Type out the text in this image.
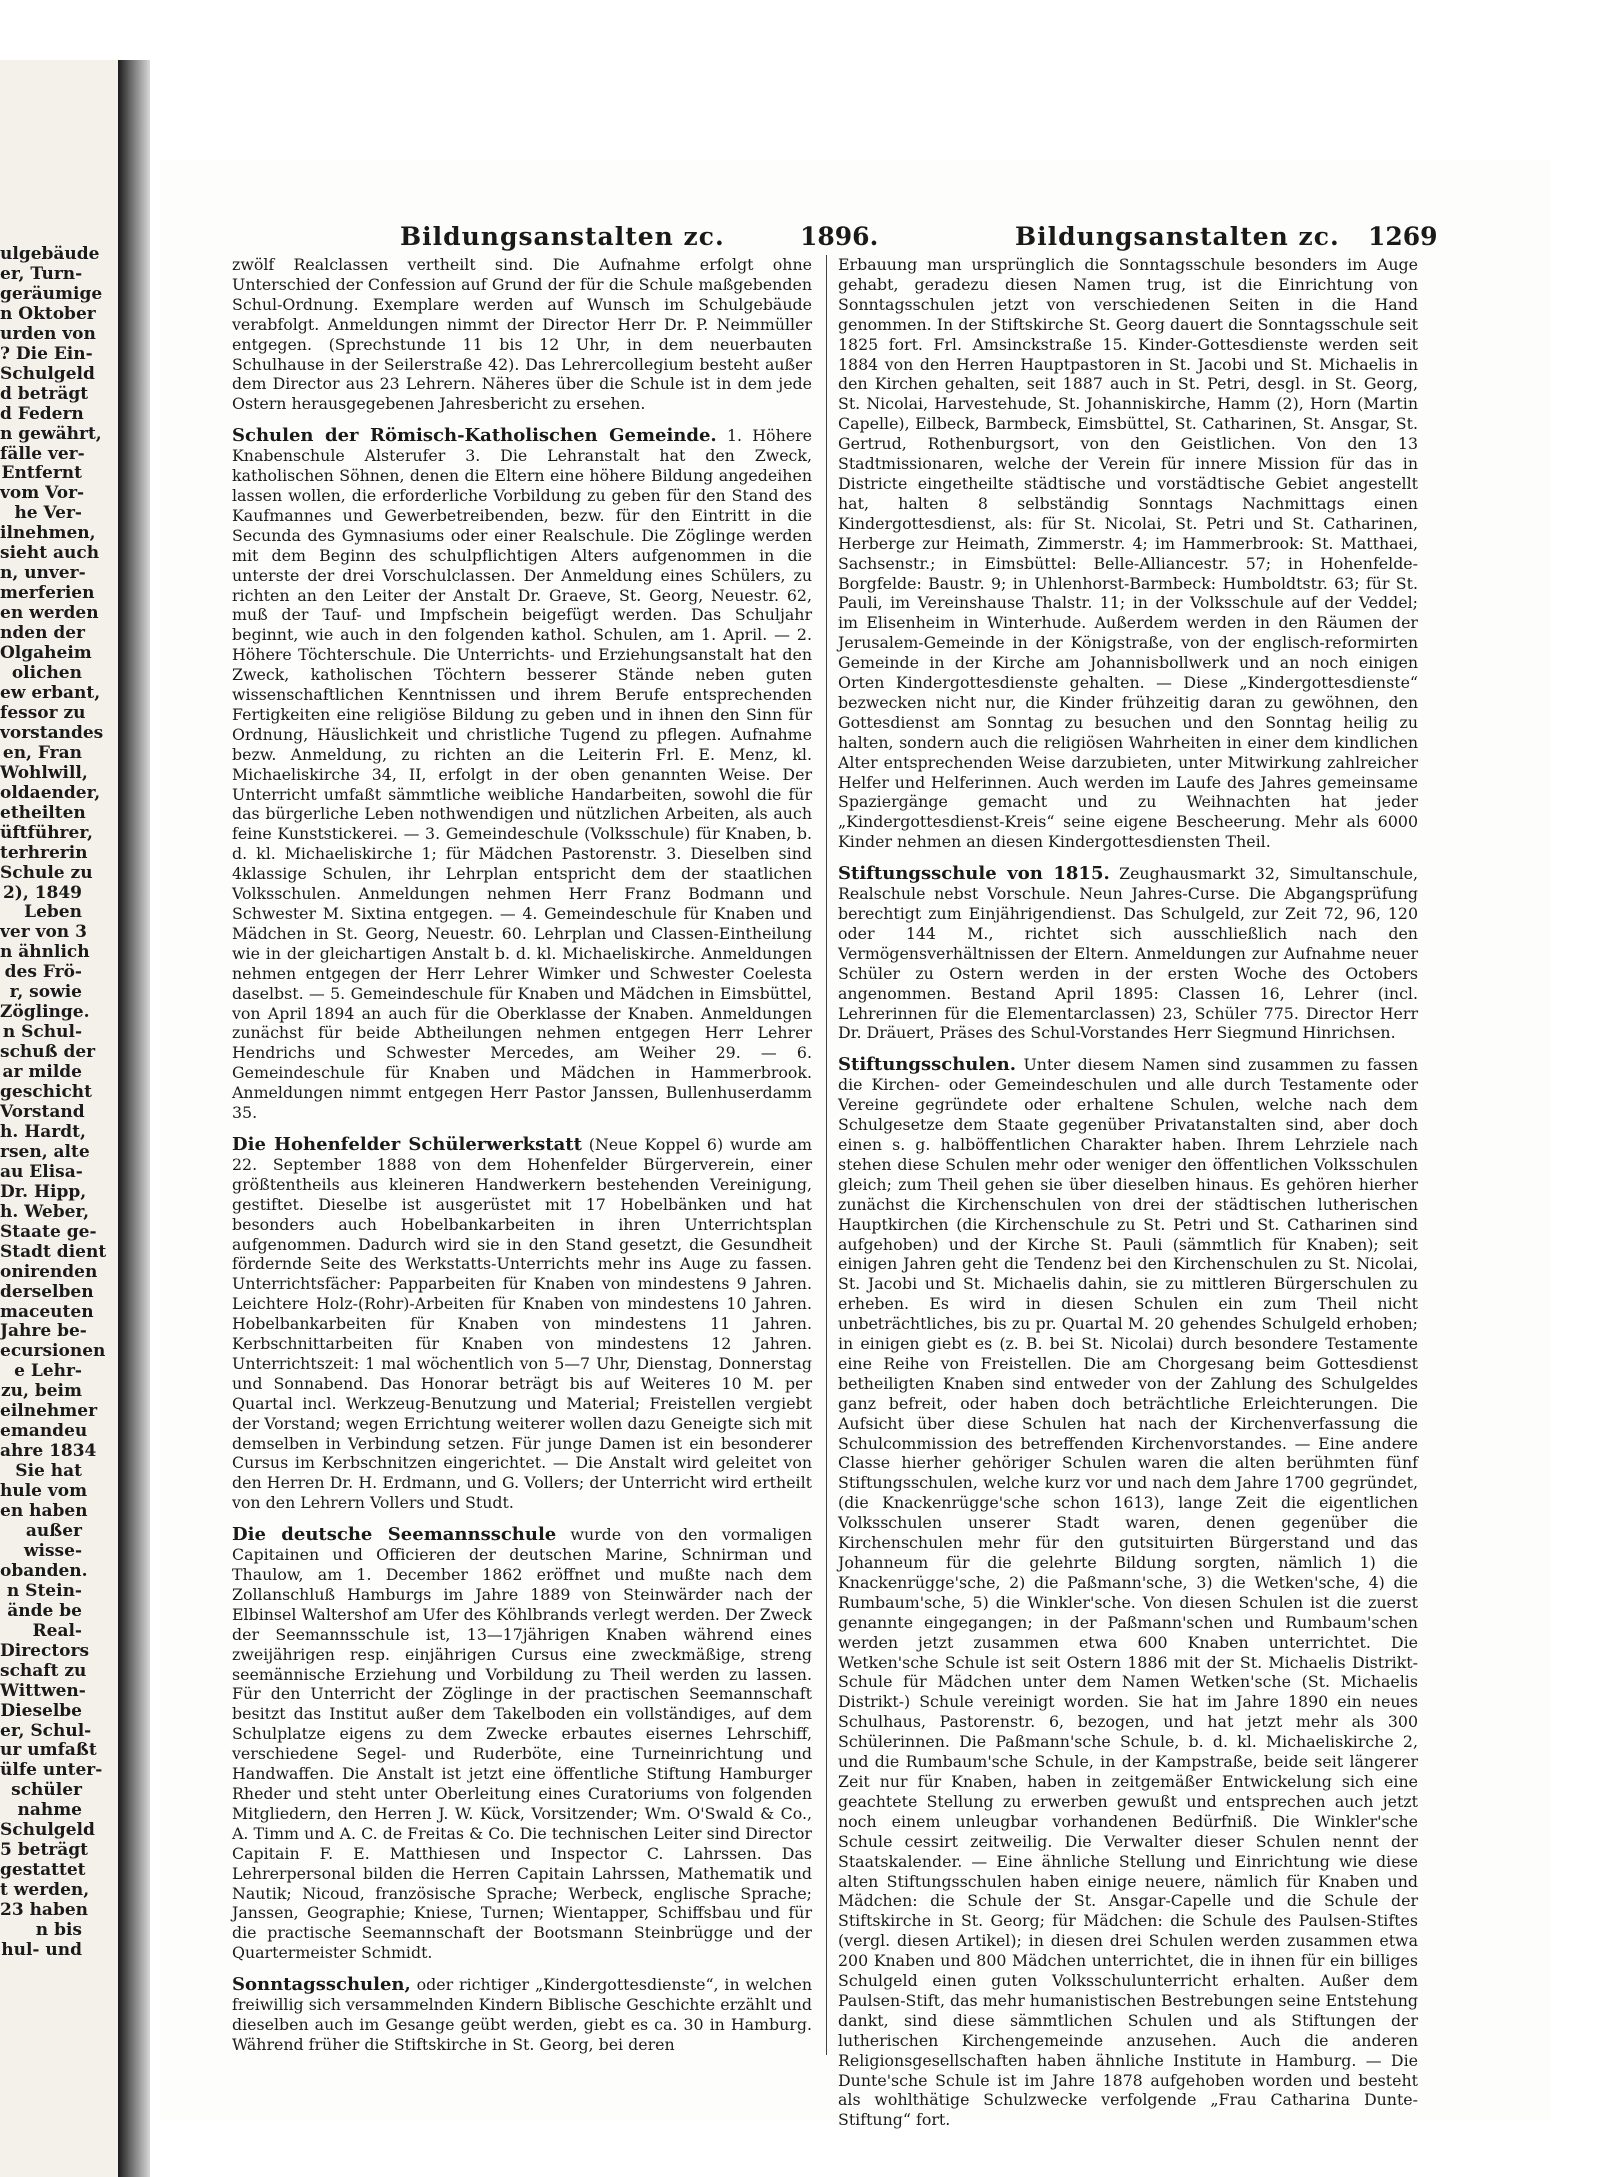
ulgebäude
er, Turn-
geräumige
n Oktober
urden von
? Die Ein-
Schulgeld
d beträgt
d Federn
n gewährt,
fälle ver-
Entfernt
vom Vor-
he Ver-
ilnehmen,
sieht auch
n, unver-
merferien
en werden
nden der
Olgaheim
olichen
ew erbant,
fessor zu
vorstandes
en, Fran
Wohlwill,
oldaender,
etheilten
üftführer,
terhrerin
Schule zu
2), 1849
Leben
ver von 3
n ähnlich
des Frö-
r, sowie
Zöglinge.
n Schul-
schuß der
ar milde
geschicht
Vorstand
h. Hardt,
rsen, alte
au Elisa-
Dr. Hipp,
h. Weber,
Staate ge-
Stadt dient
onirenden
derselben
maceuten
Jahre be-
ecursionen
e Lehr-
zu, beim
eilnehmer
emandeu
ahre 1834
Sie hat
hule vom
en haben
außer
wisse-
obanden.
n Stein-
ände be
Real-
Directors
schaft zu
Wittwen-
Dieselbe
er, Schul-
ur umfaßt
ülfe unter-
schüler
nahme
Schulgeld
5 beträgt
gestattet
t werden,
23 haben
n bis
hul- und
Bildungsanstalten zc.	1896.	Bildungsanstalten zc. 1269

zwölf Realclassen vertheilt sind. Die Aufnahme erfolgt ohne Unterschied der Confession auf Grund der für die Schule maßgebenden Schul-Ordnung. Exemplare werden auf Wunsch im Schulgebäude verabfolgt. Anmeldungen nimmt der Director Herr Dr. P. Neimmüller entgegen. (Sprechstunde 11 bis 12 Uhr, in dem neuerbauten Schulhause in der Seilerstraße 42). Das Lehrercollegium besteht außer dem Director aus 23 Lehrern. Näheres über die Schule ist in dem jede Ostern herausgegebenen Jahresbericht zu ersehen.

Schulen der Römisch-Katholischen Gemeinde. 1. Höhere Knabenschule Alsterufer 3. Die Lehranstalt hat den Zweck, katholischen Söhnen, denen die Eltern eine höhere Bildung angedeihen lassen wollen, die erforderliche Vorbildung zu geben für den Stand des Kaufmannes und Gewerbetreibenden, bezw. für den Eintritt in die Secunda des Gymnasiums oder einer Realschule. Die Zöglinge werden mit dem Beginn des schulpflichtigen Alters aufgenommen in die unterste der drei Vorschulclassen. Der Anmeldung eines Schülers, zu richten an den Leiter der Anstalt Dr. Graeve, St. Georg, Neuestr. 62, muß der Tauf- und Impfschein beigefügt werden. Das Schuljahr beginnt, wie auch in den folgenden kathol. Schulen, am 1. April. — 2. Höhere Töchterschule. Die Unterrichts- und Erziehungsanstalt hat den Zweck, katholischen Töchtern besserer Stände neben guten wissenschaftlichen Kenntnissen und ihrem Berufe entsprechenden Fertigkeiten eine religiöse Bildung zu geben und in ihnen den Sinn für Ordnung, Häuslichkeit und christliche Tugend zu pflegen. Aufnahme bezw. Anmeldung, zu richten an die Leiterin Frl. E. Menz, kl. Michaeliskirche 34, II, erfolgt in der oben genannten Weise. Der Unterricht umfaßt sämmtliche weibliche Handarbeiten, sowohl die für das bürgerliche Leben nothwendigen und nützlichen Arbeiten, als auch feine Kunststickerei. — 3. Gemeindeschule (Volksschule) für Knaben, b. d. kl. Michaeliskirche 1; für Mädchen Pastorenstr. 3. Dieselben sind 4klassige Schulen, ihr Lehrplan entspricht dem der staatlichen Volksschulen. Anmeldungen nehmen Herr Franz Bodmann und Schwester M. Sixtina entgegen. — 4. Gemeindeschule für Knaben und Mädchen in St. Georg, Neuestr. 60. Lehrplan und Classen-Eintheilung wie in der gleichartigen Anstalt b. d. kl. Michaeliskirche. Anmeldungen nehmen entgegen der Herr Lehrer Wimker und Schwester Coelesta daselbst. — 5. Gemeindeschule für Knaben und Mädchen in Eimsbüttel, von April 1894 an auch für die Oberklasse der Knaben. Anmeldungen zunächst für beide Abtheilungen nehmen entgegen Herr Lehrer Hendrichs und Schwester Mercedes, am Weiher 29. — 6. Gemeindeschule für Knaben und Mädchen in Hammerbrook. Anmeldungen nimmt entgegen Herr Pastor Janssen, Bullenhuserdamm 35.

Die Hohenfelder Schülerwerkstatt (Neue Koppel 6) wurde am 22. September 1888 von dem Hohenfelder Bürgerverein, einer größtentheils aus kleineren Handwerkern bestehenden Vereinigung, gestiftet. Dieselbe ist ausgerüstet mit 17 Hobelbänken und hat besonders auch Hobelbankarbeiten in ihren Unterrichtsplan aufgenommen. Dadurch wird sie in den Stand gesetzt, die Gesundheit fördernde Seite des Werkstatts-Unterrichts mehr ins Auge zu fassen. Unterrichtsfächer: Papparbeiten für Knaben von mindestens 9 Jahren. Leichtere Holz-(Rohr)-Arbeiten für Knaben von mindestens 10 Jahren. Hobelbankarbeiten für Knaben von mindestens 11 Jahren. Kerbschnittarbeiten für Knaben von mindestens 12 Jahren. Unterrichtszeit: 1 mal wöchentlich von 5—7 Uhr, Dienstag, Donnerstag und Sonnabend. Das Honorar beträgt bis auf Weiteres 10 M. per Quartal incl. Werkzeug-Benutzung und Material; Freistellen vergiebt der Vorstand; wegen Errichtung weiterer wollen dazu Geneigte sich mit demselben in Verbindung setzen. Für junge Damen ist ein besonderer Cursus im Kerbschnitzen eingerichtet. — Die Anstalt wird geleitet von den Herren Dr. H. Erdmann, und G. Vollers; der Unterricht wird ertheilt von den Lehrern Vollers und Studt.

Die deutsche Seemannsschule wurde von den vormaligen Capitainen und Officieren der deutschen Marine, Schnirman und Thaulow, am 1. December 1862 eröffnet und mußte nach dem Zollanschluß Hamburgs im Jahre 1889 von Steinwärder nach der Elbinsel Waltershof am Ufer des Köhlbrands verlegt werden. Der Zweck der Seemannsschule ist, 13—17jährigen Knaben während eines zweijährigen resp. einjährigen Cursus eine zweckmäßige, streng seemännische Erziehung und Vorbildung zu Theil werden zu lassen. Für den Unterricht der Zöglinge in der practischen Seemannschaft besitzt das Institut außer dem Takelboden ein vollständiges, auf dem Schulplatze eigens zu dem Zwecke erbautes eisernes Lehrschiff, verschiedene Segel- und Ruderböte, eine Turneinrichtung und Handwaffen. Die Anstalt ist jetzt eine öffentliche Stiftung Hamburger Rheder und steht unter Oberleitung eines Curatoriums von folgenden Mitgliedern, den Herren J. W. Kück, Vorsitzender; Wm. O'Swald & Co., A. Timm und A. C. de Freitas & Co. Die technischen Leiter sind Director Capitain F. E. Matthiesen und Inspector C. Lahrssen. Das Lehrerpersonal bilden die Herren Capitain Lahrssen, Mathematik und Nautik; Nicoud, französische Sprache; Werbeck, englische Sprache; Janssen, Geographie; Kniese, Turnen; Wientapper, Schiffsbau und für die practische Seemannschaft der Bootsmann Steinbrügge und der Quartermeister Schmidt.

Sonntagsschulen, oder richtiger „Kindergottesdienste“, in welchen freiwillig sich versammelnden Kindern Biblische Geschichte erzählt und dieselben auch im Gesange geübt werden, giebt es ca. 30 in Hamburg. Während früher die Stiftskirche in St. Georg, bei deren

Erbauung man ursprünglich die Sonntagsschule besonders im Auge gehabt, geradezu diesen Namen trug, ist die Einrichtung von Sonntagsschulen jetzt von verschiedenen Seiten in die Hand genommen. In der Stiftskirche St. Georg dauert die Sonntagsschule seit 1825 fort. Frl. Amsinckstraße 15. Kinder-Gottesdienste werden seit 1884 von den Herren Hauptpastoren in St. Jacobi und St. Michaelis in den Kirchen gehalten, seit 1887 auch in St. Petri, desgl. in St. Georg, St. Nicolai, Harvestehude, St. Johanniskirche, Hamm (2), Horn (Martin Capelle), Eilbeck, Barmbeck, Eimsbüttel, St. Catharinen, St. Ansgar, St. Gertrud, Rothenburgsort, von den Geistlichen. Von den 13 Stadtmissionaren, welche der Verein für innere Mission für das in Districte eingetheilte städtische und vorstädtische Gebiet angestellt hat, halten 8 selbständig Sonntags Nachmittags einen Kindergottesdienst, als: für St. Nicolai, St. Petri und St. Catharinen, Herberge zur Heimath, Zimmerstr. 4; im Hammerbrook: St. Matthaei, Sachsenstr.; in Eimsbüttel: Belle-Alliancestr. 57; in Hohenfelde-Borgfelde: Baustr. 9; in Uhlenhorst-Barmbeck: Humboldtstr. 63; für St. Pauli, im Vereinshause Thalstr. 11; in der Volksschule auf der Veddel; im Elisenheim in Winterhude. Außerdem werden in den Räumen der Jerusalem-Gemeinde in der Königstraße, von der englisch-reformirten Gemeinde in der Kirche am Johannisbollwerk und an noch einigen Orten Kindergottesdienste gehalten. — Diese „Kindergottesdienste“ bezwecken nicht nur, die Kinder frühzeitig daran zu gewöhnen, den Gottesdienst am Sonntag zu besuchen und den Sonntag heilig zu halten, sondern auch die religiösen Wahrheiten in einer dem kindlichen Alter entsprechenden Weise darzubieten, unter Mitwirkung zahlreicher Helfer und Helferinnen. Auch werden im Laufe des Jahres gemeinsame Spaziergänge gemacht und zu Weihnachten hat jeder „Kindergottesdienst-Kreis“ seine eigene Bescheerung. Mehr als 6000 Kinder nehmen an diesen Kindergottesdiensten Theil.

Stiftungsschule von 1815. Zeughausmarkt 32, Simultanschule, Realschule nebst Vorschule. Neun Jahres-Curse. Die Abgangsprüfung berechtigt zum Einjährigendienst. Das Schulgeld, zur Zeit 72, 96, 120 oder 144 M., richtet sich ausschließlich nach den Vermögensverhältnissen der Eltern. Anmeldungen zur Aufnahme neuer Schüler zu Ostern werden in der ersten Woche des Octobers angenommen. Bestand April 1895: Classen 16, Lehrer (incl. Lehrerinnen für die Elementarclassen) 23, Schüler 775. Director Herr Dr. Dräuert, Präses des Schul-Vorstandes Herr Siegmund Hinrichsen.

Stiftungsschulen. Unter diesem Namen sind zusammen zu fassen die Kirchen- oder Gemeindeschulen und alle durch Testamente oder Vereine gegründete oder erhaltene Schulen, welche nach dem Schulgesetze dem Staate gegenüber Privatanstalten sind, aber doch einen s. g. halböffentlichen Charakter haben. Ihrem Lehrziele nach stehen diese Schulen mehr oder weniger den öffentlichen Volksschulen gleich; zum Theil gehen sie über dieselben hinaus. Es gehören hierher zunächst die Kirchenschulen von drei der städtischen lutherischen Hauptkirchen (die Kirchenschule zu St. Petri und St. Catharinen sind aufgehoben) und der Kirche St. Pauli (sämmtlich für Knaben); seit einigen Jahren geht die Tendenz bei den Kirchenschulen zu St. Nicolai, St. Jacobi und St. Michaelis dahin, sie zu mittleren Bürgerschulen zu erheben. Es wird in diesen Schulen ein zum Theil nicht unbeträchtliches, bis zu pr. Quartal M. 20 gehendes Schulgeld erhoben; in einigen giebt es (z. B. bei St. Nicolai) durch besondere Testamente eine Reihe von Freistellen. Die am Chorgesang beim Gottesdienst betheiligten Knaben sind entweder von der Zahlung des Schulgeldes ganz befreit, oder haben doch beträchtliche Erleichterungen. Die Aufsicht über diese Schulen hat nach der Kirchenverfassung die Schulcommission des betreffenden Kirchenvorstandes. — Eine andere Classe hierher gehöriger Schulen waren die alten berühmten fünf Stiftungsschulen, welche kurz vor und nach dem Jahre 1700 gegründet, (die Knackenrügge'sche schon 1613), lange Zeit die eigentlichen Volksschulen unserer Stadt waren, denen gegenüber die Kirchenschulen mehr für den gutsituirten Bürgerstand und das Johanneum für die gelehrte Bildung sorgten, nämlich 1) die Knackenrügge'sche, 2) die Paßmann'sche, 3) die Wetken'sche, 4) die Rumbaum'sche, 5) die Winkler'sche. Von diesen Schulen ist die zuerst genannte eingegangen; in der Paßmann'schen und Rumbaum'schen werden jetzt zusammen etwa 600 Knaben unterrichtet. Die Wetken'sche Schule ist seit Ostern 1886 mit der St. Michaelis Distrikt-Schule für Mädchen unter dem Namen Wetken'sche (St. Michaelis Distrikt-) Schule vereinigt worden. Sie hat im Jahre 1890 ein neues Schulhaus, Pastorenstr. 6, bezogen, und hat jetzt mehr als 300 Schülerinnen. Die Paßmann'sche Schule, b. d. kl. Michaeliskirche 2, und die Rumbaum'sche Schule, in der Kampstraße, beide seit längerer Zeit nur für Knaben, haben in zeitgemäßer Entwickelung sich eine geachtete Stellung zu erwerben gewußt und entsprechen auch jetzt noch einem unleugbar vorhandenen Bedürfniß. Die Winkler'sche Schule cessirt zeitweilig. Die Verwalter dieser Schulen nennt der Staatskalender. — Eine ähnliche Stellung und Einrichtung wie diese alten Stiftungsschulen haben einige neuere, nämlich für Knaben und Mädchen: die Schule der St. Ansgar-Capelle und die Schule der Stiftskirche in St. Georg; für Mädchen: die Schule des Paulsen-Stiftes (vergl. diesen Artikel); in diesen drei Schulen werden zusammen etwa 200 Knaben und 800 Mädchen unterrichtet, die in ihnen für ein billiges Schulgeld einen guten Volksschulunterricht erhalten. Außer dem Paulsen-Stift, das mehr humanistischen Bestrebungen seine Entstehung dankt, sind diese sämmtlichen Schulen und als Stiftungen der lutherischen Kirchengemeinde anzusehen. Auch die anderen Religionsgesellschaften haben ähnliche Institute in Hamburg. — Die Dunte'sche Schule ist im Jahre 1878 aufgehoben worden und besteht als wohlthätige Schulzwecke verfolgende „Frau Catharina Dunte-Stiftung“ fort.
